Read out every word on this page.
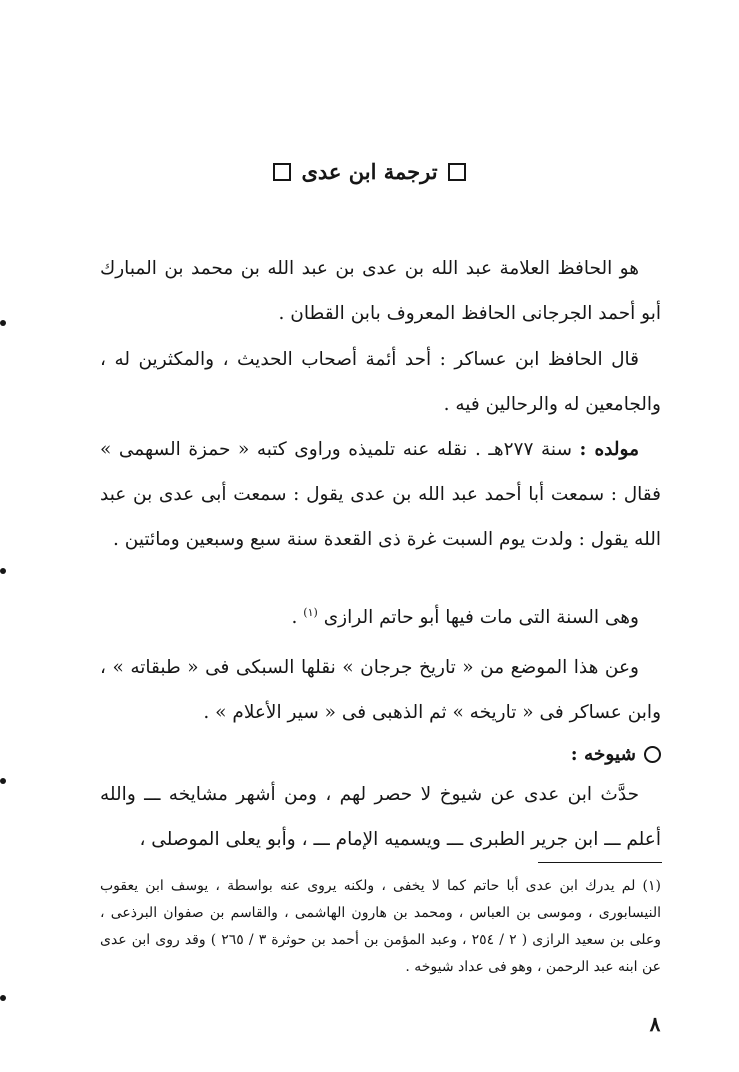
ترجمة ابن عدى

هو الحافظ العلامة عبد الله بن عدى بن عبد الله بن محمد بن المبارك أبو أحمد الجرجانى الحافظ المعروف بابن القطان .

قال الحافظ ابن عساكر : أحد أئمة أصحاب الحديث ، والمكثرين له ، والجامعين له والرحالين فيه .

مولده : سنة ٢٧٧هـ . نقله عنه تلميذه وراوى كتبه « حمزة السهمى » فقال : سمعت أبا أحمد عبد الله بن عدى يقول : سمعت أبى عدى بن عبد الله يقول : ولدت يوم السبت غرة ذى القعدة سنة سبع وسبعين ومائتين .

وهى السنة التى مات فيها أبو حاتم الرازى $^{(١)}$ .

وعن هذا الموضع من « تاريخ جرجان » نقلها السبكى فى « طبقاته » ، وابن عساكر فى « تاريخه » ثم الذهبى فى « سير الأعلام » .

شيوخه :

حدَّث ابن عدى عن شيوخ لا حصر لهم ، ومن أشهر مشايخه ـــ والله أعلم ـــ ابن جرير الطبرى ـــ ويسميه الإمام ـــ ، وأبو يعلى الموصلى ،

(١) لم يدرك ابن عدى أبا حاتم كما لا يخفى ، ولكنه يروى عنه بواسطة ، يوسف ابن يعقوب النيسابورى ، وموسى بن العباس ، ومحمد بن هارون الهاشمى ، والقاسم بن صفوان البرذعى ، وعلى بن سعيد الرازى ( ٢ / ٢٥٤ ، وعبد المؤمن بن أحمد بن حوثرة ٣ / ٢٦٥ ) وقد روى ابن عدى عن ابنه عبد الرحمن ، وهو فى عداد شيوخه .

٨
